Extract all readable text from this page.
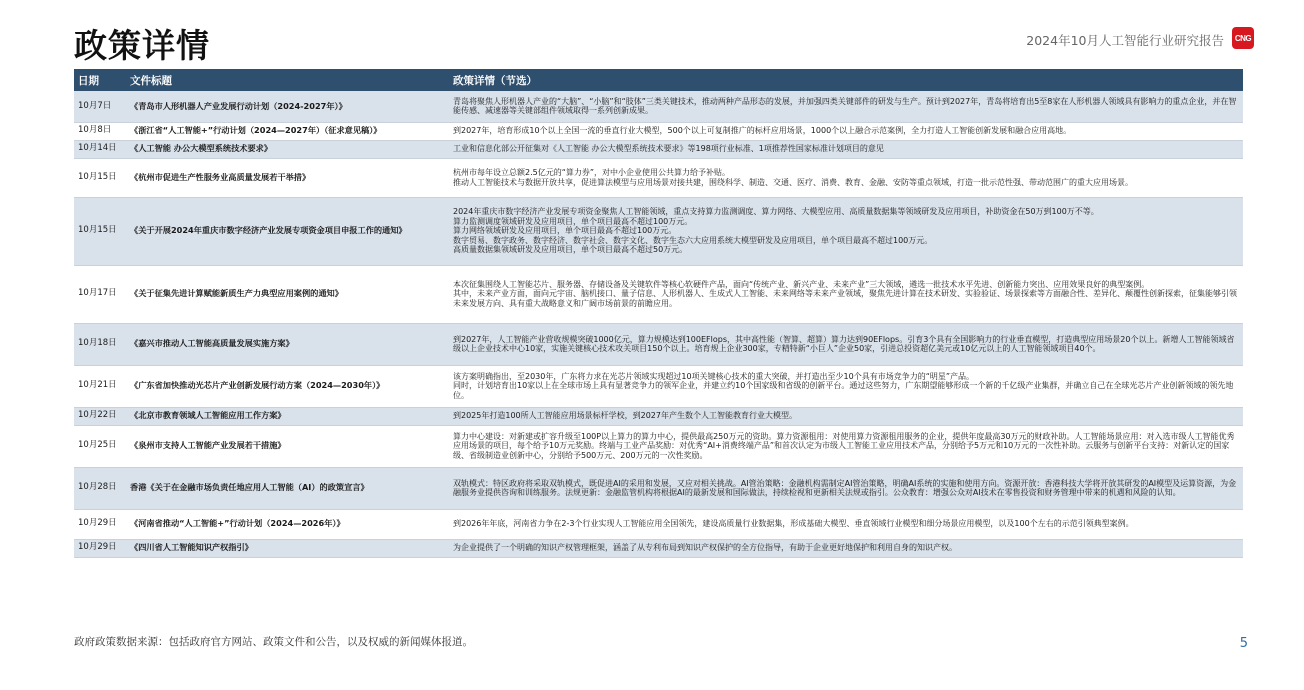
政策详情	2024年10月人工智能行业研究报告	CNG
日期	文件标题	政策详情（节选）
10月7日	《青岛市人形机器人产业发展行动计划（2024-2027年）》	青岛将聚焦人形机器人产业的“大脑”、“小脑”和“肢体”三类关键技术，推动两种产品形态的发展，并加强四类关键部件的研发与生产。预计到2027年，青岛将培育出5至8家在人形机器人领域具有影响力的重点企业，并在智能传感、减速器等关键部组件领域取得一系列创新成果。
10月8日	《浙江省“人工智能+”行动计划（2024—2027年）（征求意见稿）》	到2027年，培育形成10个以上全国一流的垂直行业大模型，500个以上可复制推广的标杆应用场景，1000个以上融合示范案例，全力打造人工智能创新发展和融合应用高地。
10月14日	《人工智能 办公大模型系统技术要求》	工业和信息化部公开征集对《人工智能 办公大模型系统技术要求》等198项行业标准、1项推荐性国家标准计划项目的意见
10月15日	《杭州市促进生产性服务业高质量发展若干举措》	杭州市每年设立总额2.5亿元的“算力券”，对中小企业使用公共算力给予补贴。
推动人工智能技术与数据开放共享，促进算法模型与应用场景对接共建，围绕科学、制造、交通、医疗、消费、教育、金融、安防等重点领域，打造一批示范性强、带动范围广的重大应用场景。
10月15日	《关于开展2024年重庆市数字经济产业发展专项资金项目申报工作的通知》	2024年重庆市数字经济产业发展专项资金聚焦人工智能领域，重点支持算力监测调度、算力网络、大模型应用、高质量数据集等领域研发及应用项目，补助资金在50万到100万不等。
算力监测调度领域研发及应用项目，单个项目最高不超过100万元。
算力网络领域研发及应用项目，单个项目最高不超过100万元。
数字贸易、数字政务、数字经济、数字社会、数字文化、数字生态六大应用系统大模型研发及应用项目，单个项目最高不超过100万元。
高质量数据集领域研发及应用项目，单个项目最高不超过50万元。
10月17日	《关于征集先进计算赋能新质生产力典型应用案例的通知》	本次征集围绕人工智能芯片、服务器、存储设备及关键软件等核心软硬件产品，面向“传统产业、新兴产业、未来产业”三大领域，遴选一批技术水平先进、创新能力突出、应用效果良好的典型案例。
其中，未来产业方面，面向元宇宙、脑机接口、量子信息、人形机器人、生成式人工智能、未来网络等未来产业领域，聚焦先进计算在技术研发、实验验证、场景探索等方面融合性、差异化、颠覆性创新探索，征集能够引领未来发展方向、具有重大战略意义和广阔市场前景的前瞻应用。
10月18日	《嘉兴市推动人工智能高质量发展实施方案》	到2027年，人工智能产业营收规模突破1000亿元，算力规模达到100EFlops，其中高性能（智算、超算）算力达到90EFlops。引育3个具有全国影响力的行业垂直模型，打造典型应用场景20个以上。新增人工智能领域省级以上企业技术中心10家，实施关键核心技术攻关项目150个以上。培育规上企业300家，专精特新“小巨人”企业50家，引进总投资超亿美元或10亿元以上的人工智能领域项目40个。
10月21日	《广东省加快推动光芯片产业创新发展行动方案（2024—2030年）》	该方案明确指出，至2030年，广东将力求在光芯片领域实现超过10项关键核心技术的重大突破，并打造出至少10个具有市场竞争力的“明星”产品。
同时，计划培育出10家以上在全球市场上具有显著竞争力的领军企业，并建立约10个国家级和省级的创新平台。通过这些努力，广东期望能够形成一个新的千亿级产业集群，并确立自己在全球光芯片产业创新领域的领先地位。
10月22日	《北京市教育领域人工智能应用工作方案》	到2025年打造100所人工智能应用场景标杆学校，到2027年产生数个人工智能教育行业大模型。
10月25日	《泉州市支持人工智能产业发展若干措施》	算力中心建设：对新建或扩容升级至100P以上算力的算力中心，提供最高250万元的资助。算力资源租用：对使用算力资源租用服务的企业，提供年度最高30万元的财政补助。人工智能场景应用：对入选市级人工智能优秀应用场景的项目，每个给予10万元奖励。终端与工业产品奖励：对优秀“AI+消费终端产品”和首次认定为市级人工智能工业应用技术产品，分别给予5万元和10万元的一次性补助。云服务与创新平台支持：对新认定的国家级、省级制造业创新中心，分别给予500万元、200万元的一次性奖励。
10月28日	香港《关于在金融市场负责任地应用人工智能（AI）的政策宣言》	双轨模式：特区政府将采取双轨模式，既促进AI的采用和发展，又应对相关挑战。AI管治策略：金融机构需制定AI管治策略，明确AI系统的实施和使用方向。资源开放：香港科技大学将开放其研发的AI模型及运算资源，为金融服务业提供咨询和训练服务。法规更新：金融监管机构将根据AI的最新发展和国际做法，持续检视和更新相关法规或指引。公众教育：增强公众对AI技术在零售投资和财务管理中带来的机遇和风险的认知。
10月29日	《河南省推动“人工智能+”行动计划（2024—2026年）》	到2026年年底，河南省力争在2-3个行业实现人工智能应用全国领先，建设高质量行业数据集，形成基础大模型、垂直领域行业模型和细分场景应用模型，以及100个左右的示范引领典型案例。
10月29日	《四川省人工智能知识产权指引》	为企业提供了一个明确的知识产权管理框架，涵盖了从专利布局到知识产权保护的全方位指导，有助于企业更好地保护和利用自身的知识产权。
政府政策数据来源：包括政府官方网站、政策文件和公告，以及权威的新闻媒体报道。	5
